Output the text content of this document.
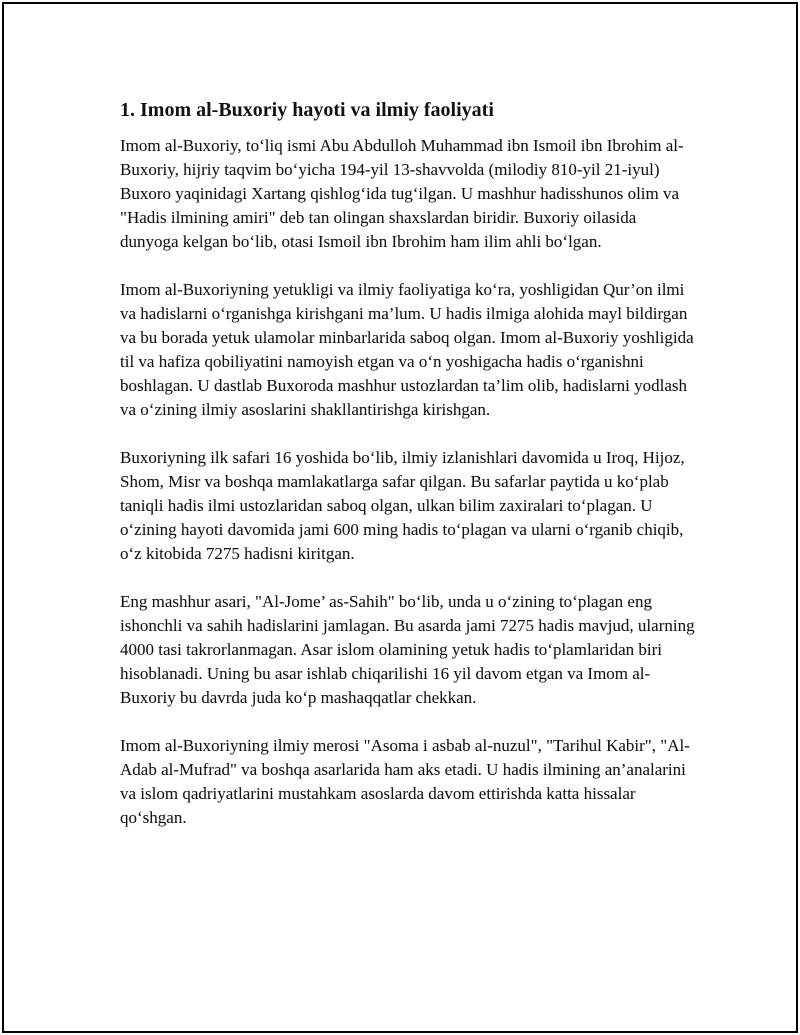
1. Imom al-Buxoriy hayoti va ilmiy faoliyati

Imom al-Buxoriy, to‘liq ismi Abu Abdulloh Muhammad ibn Ismoil ibn Ibrohim al-Buxoriy, hijriy taqvim bo‘yicha 194-yil 13-shavvolda (milodiy 810-yil 21-iyul) Buxoro yaqinidagi Xartang qishlog‘ida tug‘ilgan. U mashhur hadisshunos olim va "Hadis ilmining amiri" deb tan olingan shaxslardan biridir. Buxoriy oilasida dunyoga kelgan bo‘lib, otasi Ismoil ibn Ibrohim ham ilim ahli bo‘lgan.

Imom al-Buxoriyning yetukligi va ilmiy faoliyatiga ko‘ra, yoshligidan Qur’on ilmi va hadislarni o‘rganishga kirishgani ma’lum. U hadis ilmiga alohida mayl bildirgan va bu borada yetuk ulamolar minbarlarida saboq olgan. Imom al-Buxoriy yoshligida til va hafiza qobiliyatini namoyish etgan va o‘n yoshigacha hadis o‘rganishni boshlagan. U dastlab Buxoroda mashhur ustozlardan ta’lim olib, hadislarni yodlash va o‘zining ilmiy asoslarini shakllantirishga kirishgan.

Buxoriyning ilk safari 16 yoshida bo‘lib, ilmiy izlanishlari davomida u Iroq, Hijoz, Shom, Misr va boshqa mamlakatlarga safar qilgan. Bu safarlar paytida u ko‘plab taniqli hadis ilmi ustozlaridan saboq olgan, ulkan bilim zaxiralari to‘plagan. U o‘zining hayoti davomida jami 600 ming hadis to‘plagan va ularni o‘rganib chiqib, o‘z kitobida 7275 hadisni kiritgan.

Eng mashhur asari, "Al-Jome’ as-Sahih" bo‘lib, unda u o‘zining to‘plagan eng ishonchli va sahih hadislarini jamlagan. Bu asarda jami 7275 hadis mavjud, ularning 4000 tasi takrorlanmagan. Asar islom olamining yetuk hadis to‘plamlaridan biri hisoblanadi. Uning bu asar ishlab chiqarilishi 16 yil davom etgan va Imom al-Buxoriy bu davrda juda ko‘p mashaqqatlar chekkan.

Imom al-Buxoriyning ilmiy merosi "Asoma i asbab al-nuzul", "Tarihul Kabir", "Al-Adab al-Mufrad" va boshqa asarlarida ham aks etadi. U hadis ilmining an’analarini va islom qadriyatlarini mustahkam asoslarda davom ettirishda katta hissalar qo‘shgan.
